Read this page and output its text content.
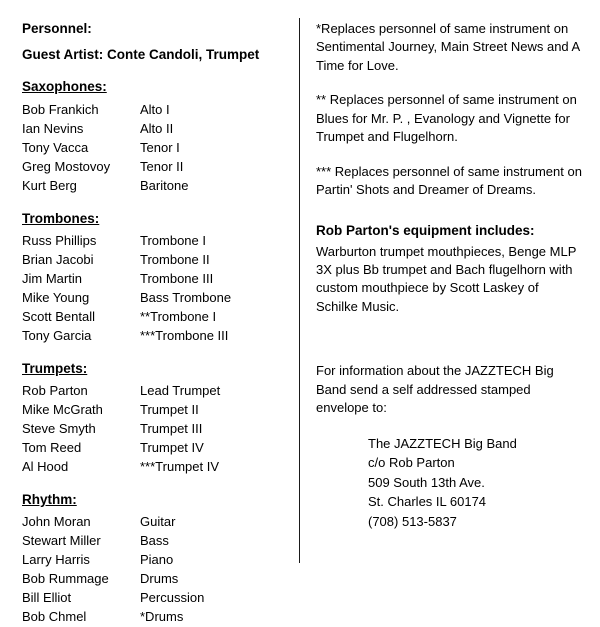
Personnel:
Guest Artist: Conte Candoli, Trumpet
Saxophones:
Bob Frankich	Alto I
Ian Nevins	Alto II
Tony Vacca	Tenor I
Greg Mostovoy	Tenor II
Kurt Berg	Baritone
Trombones:
Russ Phillips	Trombone I
Brian Jacobi	Trombone II
Jim Martin	Trombone III
Mike Young	Bass Trombone
Scott Bentall	**Trombone I
Tony Garcia	***Trombone III
Trumpets:
Rob Parton	Lead Trumpet
Mike McGrath	Trumpet II
Steve Smyth	Trumpet III
Tom Reed	Trumpet IV
Al Hood	***Trumpet IV
Rhythm:
John Moran	Guitar
Stewart Miller	Bass
Larry Harris	Piano
Bob Rummage	Drums
Bill Elliot	Percussion
Bob Chmel	*Drums

*Replaces personnel of same instrument on Sentimental Journey, Main Street News and A Time for Love.

** Replaces personnel of same instrument on Blues for Mr. P. , Evanology and Vignette for Trumpet and Flugelhorn.

*** Replaces personnel of same instrument on Partin' Shots and Dreamer of Dreams.

Rob Parton's equipment includes:

Warburton trumpet mouthpieces, Benge MLP 3X plus Bb trumpet and Bach flugelhorn with custom mouthpiece by Scott Laskey of Schilke Music.

For information about the JAZZTECH Big Band send a self addressed stamped envelope to:

The JAZZTECH Big Band
c/o Rob Parton
509 South 13th Ave.
St. Charles IL 60174
(708) 513-5837
